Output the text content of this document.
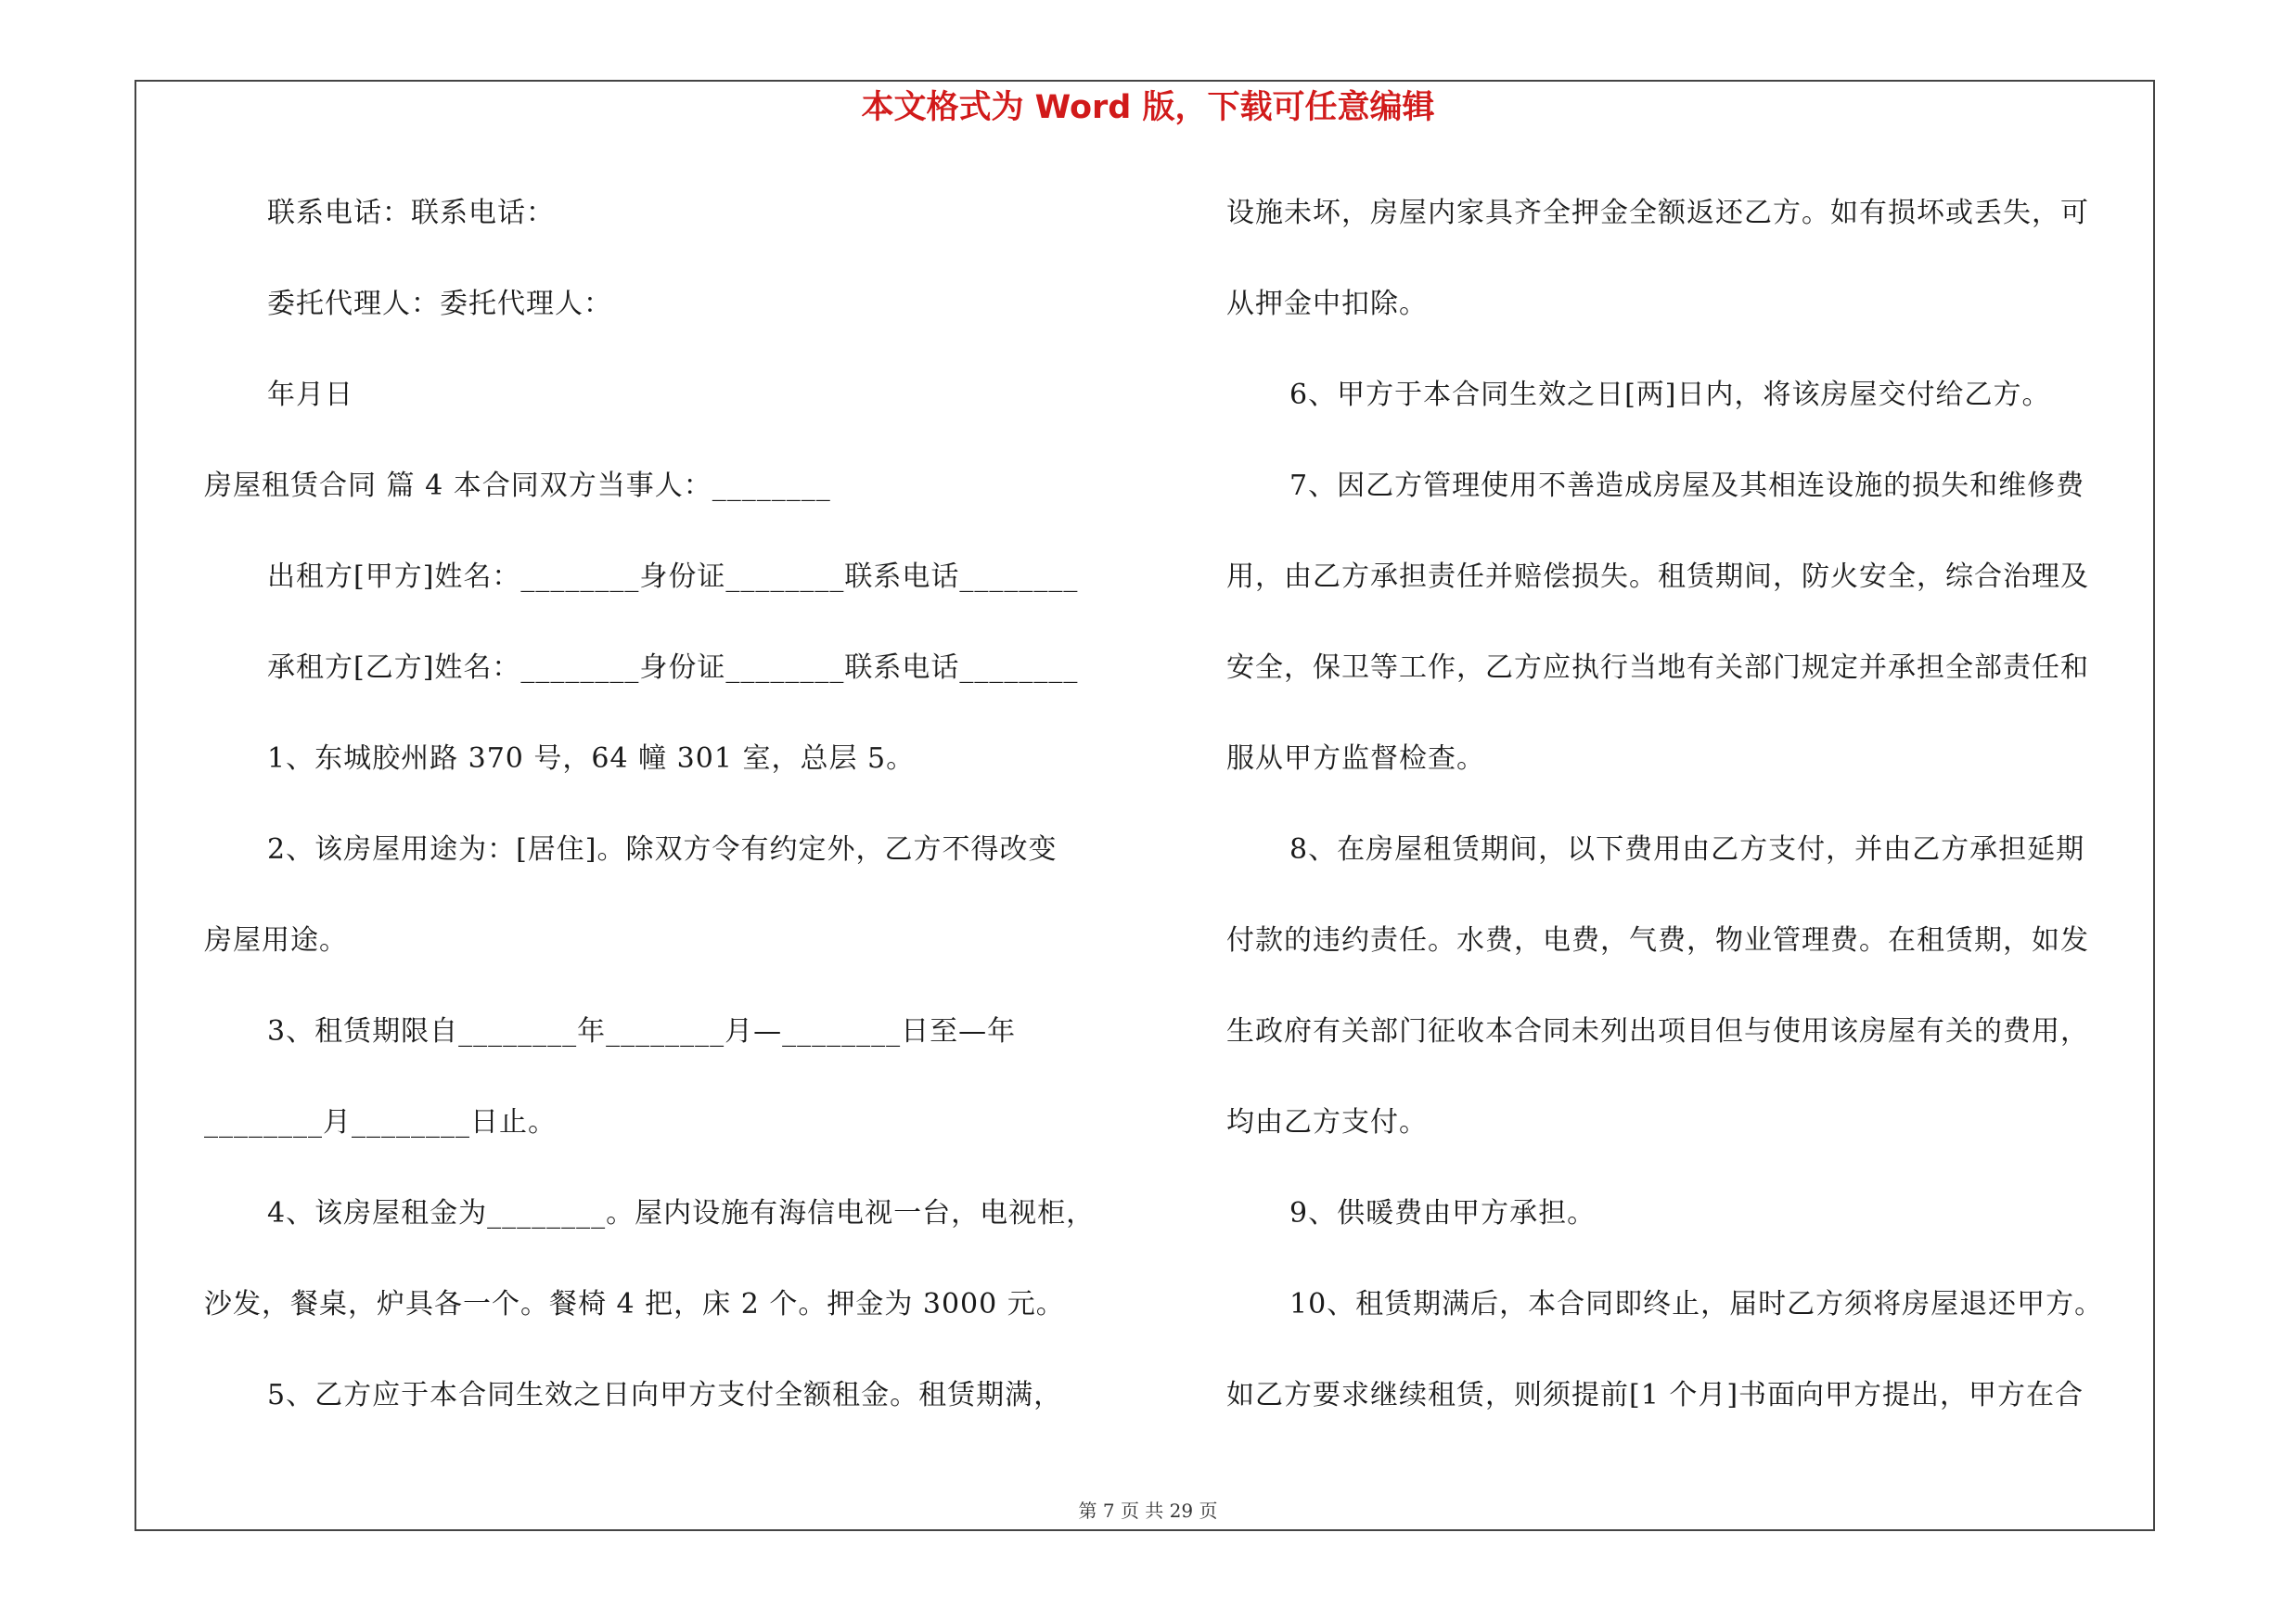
本文格式为 Word 版，下载可任意编辑
联系电话：联系电话：
委托代理人：委托代理人：
年月日
房屋租赁合同 篇 4 本合同双方当事人：________
出租方[甲方]姓名：________身份证________联系电话________
承租方[乙方]姓名：________身份证________联系电话________
1、东城胶州路 370 号，64 幢 301 室，总层 5。
2、该房屋用途为：[居住]。除双方令有约定外，乙方不得改变
房屋用途。
3、租赁期限自________年________月—________日至—年
________月________日止。
4、该房屋租金为________。屋内设施有海信电视一台，电视柜，
沙发，餐桌，炉具各一个。餐椅 4 把，床 2 个。押金为 3000 元。
5、乙方应于本合同生效之日向甲方支付全额租金。租赁期满，
设施未坏，房屋内家具齐全押金全额返还乙方。如有损坏或丢失，可
从押金中扣除。
6、甲方于本合同生效之日[两]日内，将该房屋交付给乙方。
7、因乙方管理使用不善造成房屋及其相连设施的损失和维修费
用，由乙方承担责任并赔偿损失。租赁期间，防火安全，综合治理及
安全，保卫等工作，乙方应执行当地有关部门规定并承担全部责任和
服从甲方监督检查。
8、在房屋租赁期间，以下费用由乙方支付，并由乙方承担延期
付款的违约责任。水费，电费，气费，物业管理费。在租赁期，如发
生政府有关部门征收本合同未列出项目但与使用该房屋有关的费用，
均由乙方支付。
9、供暖费由甲方承担。
10、租赁期满后，本合同即终止，届时乙方须将房屋退还甲方。
如乙方要求继续租赁，则须提前[1 个月]书面向甲方提出，甲方在合
第 7 页 共 29 页
